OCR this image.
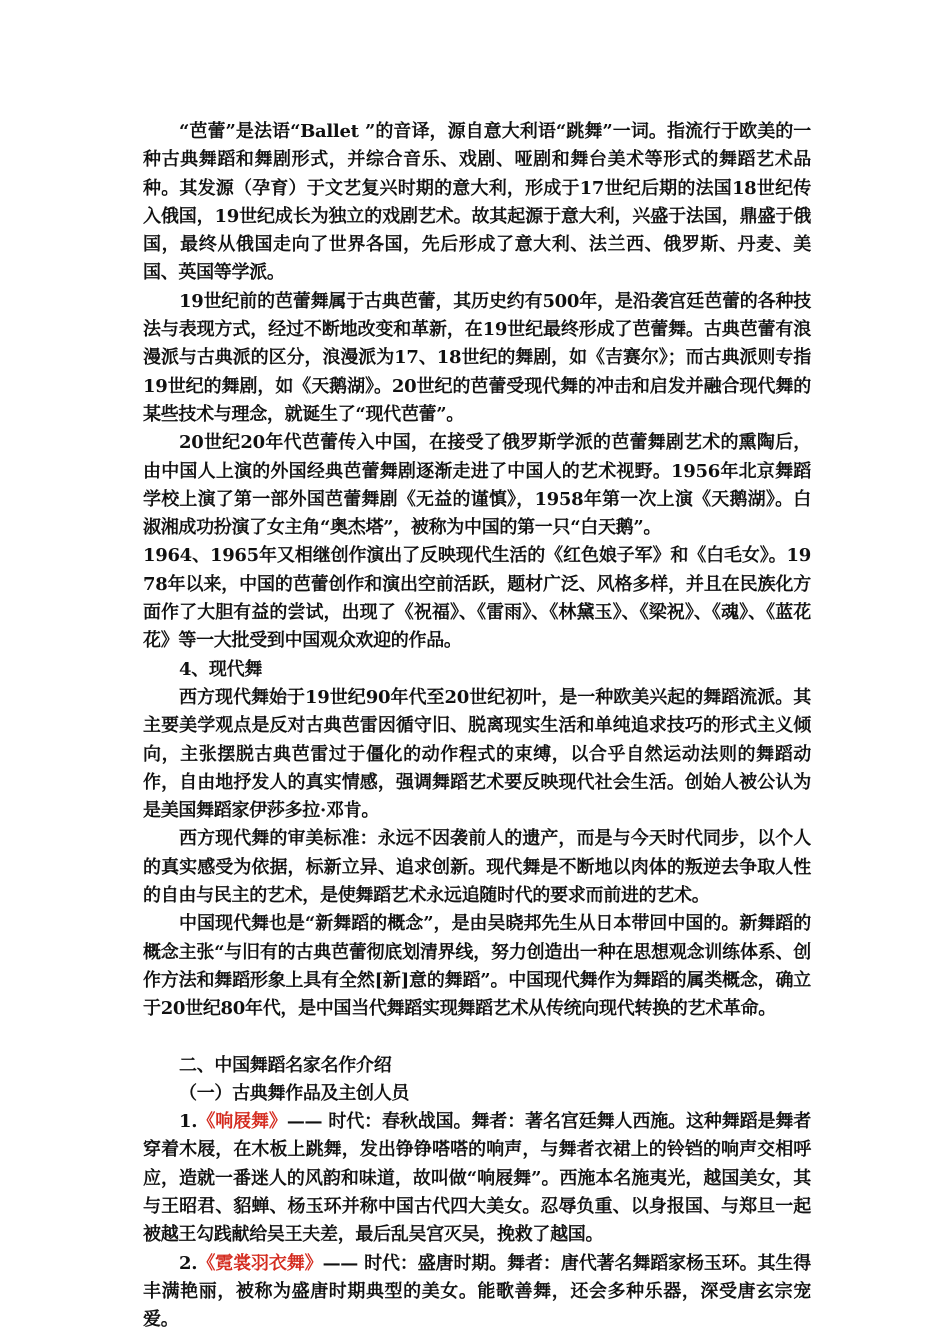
“芭蕾”是法语“Ballet ”的音译，源自意大利语“跳舞”一词。指流行于欧美的一种古典舞蹈和舞剧形式，并综合音乐、戏剧、哑剧和舞台美术等形式的舞蹈艺术品种。其发源（孕育）于文艺复兴时期的意大利，形成于17世纪后期的法国18世纪传入俄国，19世纪成长为独立的戏剧艺术。故其起源于意大利，兴盛于法国，鼎盛于俄国，最终从俄国走向了世界各国，先后形成了意大利、法兰西、俄罗斯、丹麦、美国、英国等学派。

19世纪前的芭蕾舞属于古典芭蕾，其历史约有500年，是沿袭宫廷芭蕾的各种技法与表现方式，经过不断地改变和革新，在19世纪最终形成了芭蕾舞。古典芭蕾有浪漫派与古典派的区分，浪漫派为17、18世纪的舞剧，如《吉赛尔》；而古典派则专指19世纪的舞剧，如《天鹅湖》。20世纪的芭蕾受现代舞的冲击和启发并融合现代舞的某些技术与理念，就诞生了“现代芭蕾”。

20世纪20年代芭蕾传入中国，在接受了俄罗斯学派的芭蕾舞剧艺术的熏陶后，由中国人上演的外国经典芭蕾舞剧逐渐走进了中国人的艺术视野。1956年北京舞蹈学校上演了第一部外国芭蕾舞剧《无益的谨慎》，1958年第一次上演《天鹅湖》。白淑湘成功扮演了女主角“奥杰塔”，被称为中国的第一只“白天鹅”。

1964、1965年又相继创作演出了反映现代生活的《红色娘子军》和《白毛女》。1978年以来，中国的芭蕾创作和演出空前活跃，题材广泛、风格多样，并且在民族化方面作了大胆有益的尝试，出现了《祝福》、《雷雨》、《林黛玉》、《梁祝》、《魂》、《蓝花花》等一大批受到中国观众欢迎的作品。

4、现代舞

西方现代舞始于19世纪90年代至20世纪初叶，是一种欧美兴起的舞蹈流派。其主要美学观点是反对古典芭雷因循守旧、脱离现实生活和单纯追求技巧的形式主义倾向，主张摆脱古典芭雷过于僵化的动作程式的束缚，以合乎自然运动法则的舞蹈动作，自由地抒发人的真实情感，强调舞蹈艺术要反映现代社会生活。创始人被公认为是美国舞蹈家伊莎多拉·邓肯。

西方现代舞的审美标准：永远不因袭前人的遗产，而是与今天时代同步，以个人的真实感受为依据，标新立异、追求创新。现代舞是不断地以肉体的叛逆去争取人性的自由与民主的艺术，是使舞蹈艺术永远追随时代的要求而前进的艺术。

中国现代舞也是“新舞蹈的概念”，是由吴晓邦先生从日本带回中国的。新舞蹈的概念主张“与旧有的古典芭蕾彻底划清界线，努力创造出一种在思想观念训练体系、创作方法和舞蹈形象上具有全然[新]意的舞蹈”。中国现代舞作为舞蹈的属类概念，确立于20世纪80年代，是中国当代舞蹈实现舞蹈艺术从传统向现代转换的艺术革命。

二、中国舞蹈名家名作介绍

（一）古典舞作品及主创人员

1.《响屐舞》—— 时代：春秋战国。舞者：著名宫廷舞人西施。这种舞蹈是舞者穿着木屐，在木板上跳舞，发出铮铮嗒嗒的响声，与舞者衣裙上的铃铛的响声交相呼应，造就一番迷人的风韵和味道，故叫做“响屐舞”。西施本名施夷光，越国美女，其与王昭君、貂蝉、杨玉环并称中国古代四大美女。忍辱负重、以身报国、与郑旦一起被越王勾践献给吴王夫差，最后乱吴宫灭吴，挽救了越国。

2.《霓裳羽衣舞》—— 时代：盛唐时期。舞者：唐代著名舞蹈家杨玉环。其生得丰满艳丽，被称为盛唐时期典型的美女。能歌善舞，还会多种乐器，深受唐玄宗宠爱。
